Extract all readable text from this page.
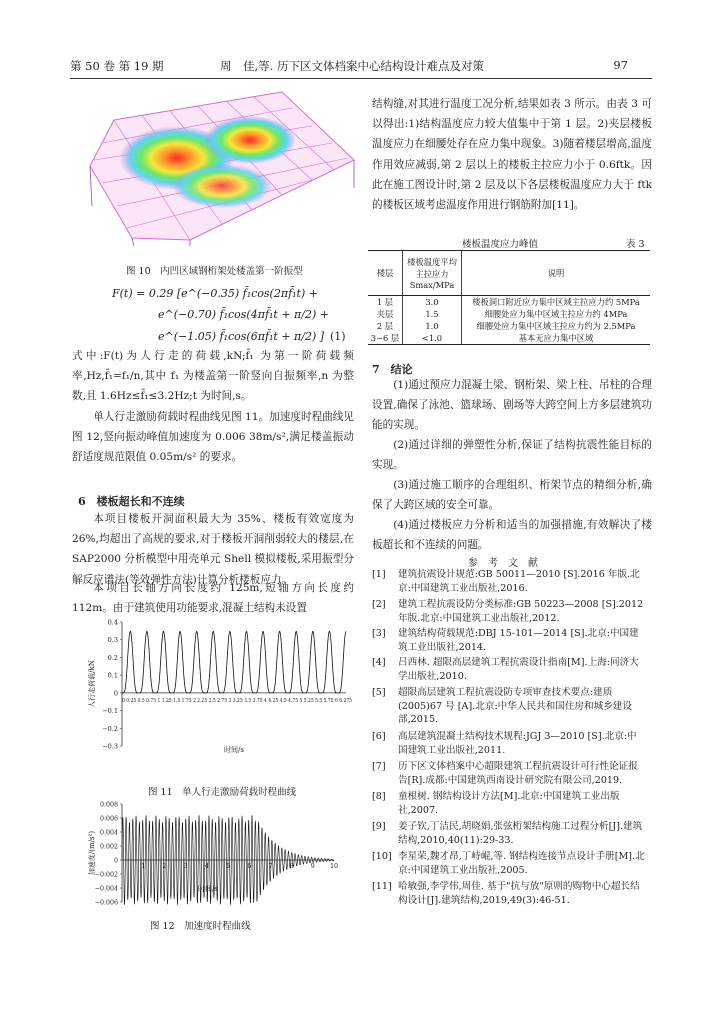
第 50 卷 第 19 期	周　佳,等. 历下区文体档案中心结构设计难点及对策	97
图 10　内凹区域钢桁架处楼盖第一阶振型
F(t) = 0.29 [e^(−0.35) f̄₁cos(2πf̄₁t) +
e^(−0.70) f̄₁cos(4πf̄₁t + π/2) +
e^(−1.05) f̄₁cos(6πf̄₁t + π/2) ] (1)
式中:F(t)为人行走的荷载,kN;f̄₁ 为第一阶荷载频率,Hz,f̄₁=f₁/n,其中 f₁ 为楼盖第一阶竖向自振频率,n 为整数,且 1.6Hz≤f̄₁≤3.2Hz;t 为时间,s。
单人行走激励荷载时程曲线见图 11。加速度时程曲线见图 12,竖向振动峰值加速度为 0.006 38m/s²,满足楼盖振动舒适度规范限值 0.05m/s² 的要求。
6　楼板超长和不连续
本项目楼板开洞面积最大为 35%、楼板有效宽度为 26%,均超出了高规的要求,对于楼板开洞削弱较大的楼层,在 SAP2000 分析模型中用壳单元 Shell 模拟楼板,采用振型分解反应谱法(等效弹性方法)计算分析楼板应力。
本项目长轴方向长度约 125m,短轴方向长度约 112m。由于建筑使用功能要求,混凝土结构未设置
0.4
0.3
0.2
0.1
0
−0.1
−0.2
−0.3
0 0.25 0.5 0.75 1 1.25 1.5 1.75 2 2.25 2.5 2.75 3 3.25 3.5 3.75 4 4.25 4.5 4.75 5 5.25 5.5 5.75 6 6.275
人行走荷载/kN
时间/s
图 11　单人行走激励荷载时程曲线
0.008
0.006
0.004
0.002
0
−0.002
−0.004
−0.006
1	2	3	4	5	6	7	8	9 10
加速度/(m/s²)
时间/s
图 12　加速度时程曲线
结构缝,对其进行温度工况分析,结果如表 3 所示。由表 3 可以得出:1)结构温度应力较大值集中于第 1 层。2)夹层楼板温度应力在细腰处存在应力集中现象。3)随着楼层增高,温度作用效应减弱,第 2 层以上的楼板主拉应力小于 0.6ftk。因此在施工图设计时,第 2 层及以下各层楼板温度应力大于 ftk 的楼板区域考虑温度作用进行钢筋附加[11]。
楼板温度应力峰值	表 3
楼层	楼板温度平均主拉应力 Smax/MPa	说明
1 层	3.0	楼板洞口附近应力集中区域主拉应力约 5MPa
夹层	1.5	细腰处应力集中区域主拉应力约 4MPa
2 层	1.0	细腰处应力集中区域主拉应力约为 2.5MPa
3~6 层	<1.0	基本无应力集中区域
7　结论
(1)通过预应力混凝土梁、钢桁架、梁上柱、吊柱的合理设置,确保了泳池、篮球场、剧场等大跨空间上方多层建筑功能的实现。
(2)通过详细的弹塑性分析,保证了结构抗震性能目标的实现。
(3)通过施工顺序的合理组织、桁架节点的精细分析,确保了大跨区域的安全可靠。
(4)通过楼板应力分析和适当的加强措施,有效解决了楼板超长和不连续的问题。
参　考　文　献
[1] 建筑抗震设计规范:GB 50011—2010 [S].2016 年版.北京:中国建筑工业出版社,2016.
[2] 建筑工程抗震设防分类标准:GB 50223—2008 [S].2012 年版.北京:中国建筑工业出版社,2012.
[3] 建筑结构荷载规范:DBJ 15-101—2014 [S].北京:中国建筑工业出版社,2014.
[4] 吕西林. 超限高层建筑工程抗震设计指南[M].上海:同济大学出版社,2010.
[5] 超限高层建筑工程抗震设防专项审查技术要点:建质(2005)67 号 [A].北京:中华人民共和国住房和城乡建设部,2015.
[6] 高层建筑混凝土结构技术规程:JGJ 3—2010 [S].北京:中国建筑工业出版社,2011.
[7] 历下区文体档案中心超限建筑工程抗震设计可行性论证报告[R].成都:中国建筑西南设计研究院有限公司,2019.
[8] 童根树. 钢结构设计方法[M].北京:中国建筑工业出版社,2007.
[9] 姜子钦,丁洁民,胡晓娟,张弦桁架结构施工过程分析[J].建筑结构,2010,40(11):29-33.
[10] 李星荣,魏才昂,丁峙崐,等. 钢结构连接节点设计手册[M].北京:中国建筑工业出版社,2005.
[11] 哈敏强,李学伟,周佳. 基于"抗与放"原则的购物中心超长结构设计[J].建筑结构,2019,49(3):46-51.
